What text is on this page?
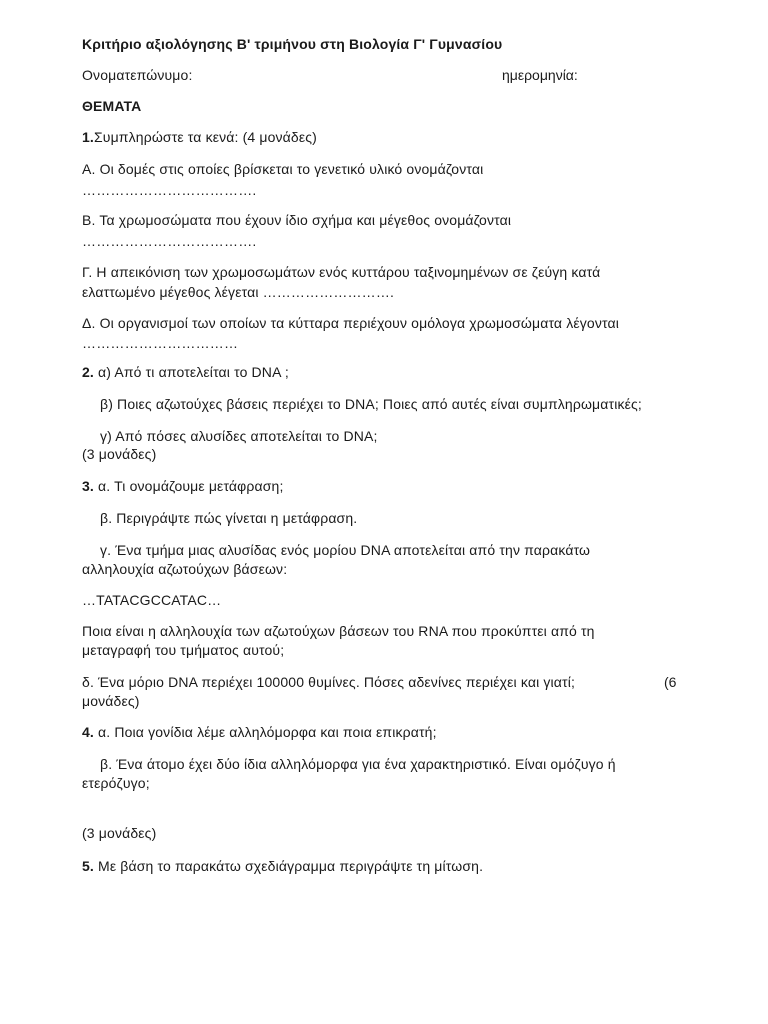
Κριτήριο αξιολόγησης Β' τριμήνου στη Βιολογία Γ' Γυμνασίου
Ονοματεπώνυμο:	ημερομηνία:
ΘΕΜΑΤΑ
1.Συμπληρώστε τα κενά: (4 μονάδες)
Α. Οι δομές στις οποίες βρίσκεται το γενετικό υλικό ονομάζονται
……………………………….
Β. Τα χρωμοσώματα που έχουν ίδιο σχήμα και μέγεθος ονομάζονται
……………………………….
Γ. Η απεικόνιση των χρωμοσωμάτων ενός κυττάρου ταξινομημένων σε ζεύγη κατά
ελαττωμένο μέγεθος λέγεται ……………………….
Δ. Οι οργανισμοί των οποίων τα κύτταρα περιέχουν ομόλογα χρωμοσώματα λέγονται
……………………………
2. α) Από τι αποτελείται το DNA ;
β) Ποιες αζωτούχες βάσεις περιέχει το DNA; Ποιες από αυτές είναι συμπληρωματικές;
γ) Από πόσες αλυσίδες αποτελείται το DNA;
(3 μονάδες)
3. α. Τι ονομάζουμε μετάφραση;
β. Περιγράψτε πώς γίνεται η μετάφραση.
γ. Ένα τμήμα μιας αλυσίδας ενός μορίου DNA αποτελείται από την παρακάτω
αλληλουχία αζωτούχων βάσεων:
…TATACGCCATAC…
Ποια είναι η αλληλουχία των αζωτούχων βάσεων του RNA που προκύπτει από τη
μεταγραφή του τμήματος αυτού;
δ. Ένα μόριο DNA περιέχει 100000 θυμίνες. Πόσες αδενίνες περιέχει και γιατί;	(6
μονάδες)
4. α. Ποια γονίδια λέμε αλληλόμορφα και ποια επικρατή;
β. Ένα άτομο έχει δύο ίδια αλληλόμορφα για ένα χαρακτηριστικό. Είναι ομόζυγο ή
ετερόζυγο;
(3 μονάδες)
5. Με βάση το παρακάτω σχεδιάγραμμα περιγράψτε τη μίτωση.
